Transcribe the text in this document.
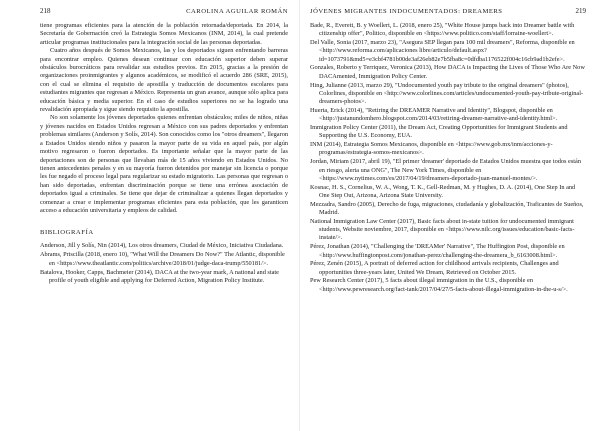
218	CAROLINA AGUILAR ROMÁN

tiene programas eficientes para la atención de la población retornada/deportada. En 2014, la Secretaría de Gobernación creó la Estrategia Somos Mexicanos (INM, 2014), la cual pretende articular programas institucionales para la integración social de las personas deportadas.

Cuatro años después de Somos Mexicanos, las y los deportados siguen enfrentando barreras para encontrar empleo. Quienes desean continuar con educación superior deben superar obstáculos burocráticos para revalidar sus estudios previos. En 2015, gracias a la presión de organizaciones proinmigrantes y algunos académicos, se modificó el acuerdo 286 (SRE, 2015), con el cual se elimina el requisito de apostilla y traducción de documentos escolares para estudiantes migrantes que regresan a México. Representa un gran avance, aunque sólo aplica para educación básica y media superior. En el caso de estudios superiores no se ha logrado una revalidación apropiada y sigue siendo requisito la apostilla.

No son solamente los jóvenes deportados quienes enfrentan obstáculos; miles de niños, niñas y jóvenes nacidos en Estados Unidos regresan a México con sus padres deportados y enfrentan problemas similares (Anderson y Solís, 2014). Son conocidos como los "otros dreamers", llegaron a Estados Unidos siendo niños y pasaron la mayor parte de su vida en aquel país, por algún motivo regresaron o fueron deportados. Es importante señalar que la mayor parte de las deportaciones son de personas que llevaban más de 15 años viviendo en Estados Unidos. No tienen antecedentes penales y en su mayoría fueron detenidos por manejar sin licencia o porque les fue negado el proceso legal para regularizar su estado migratorio. Las personas que regresan o han sido deportadas, enfrentan discriminación porque se tiene una errónea asociación de deportados igual a criminales. Se tiene que dejar de criminalizar a quienes llegan deportados y comenzar a crear e implementar programas eficientes para esta población, que les garanticen acceso a educación universitaria y empleos de calidad.

BIBLIOGRAFÍA
Anderson, Jill y Solís, Nin (2014), Los otros dreamers, Ciudad de México, Iniciativa Ciudadana.
Abrams, Priscilla (2018, enero 10), "What Will the Dreamers Do Now?" The Atlantic, disponible en <https://www.theatlantic.com/politics/archive/2018/01/judge-daca-trump/550181/>.
Batalova, Hooker, Capps, Bachmeier (2014), DACA at the two-year mark, A national and state profile of youth eligible and applying for Deferred Action, Migration Policy Institute.
JÓVENES MIGRANTES INDOCUMENTADOS: DREAMERS	219
Bade, R., Everett, B. y Woellert, L. (2018, enero 25), "White House jumps back into Dreamer battle with citizenship offer", Politico, disponible en <https://www.politico.com/staff/lorraine-woellert>.
Del Valle, Sonia (2017, marzo 23), "Asegura SEP llegan para 100 mil dreamers", Reforma, disponible en <http://www.reforma.com/aplicaciones libre/articulo/default.aspx?id=1073791&md5=e3cbf4781b00de3af26eb82e7b5fba8c=0dfdba1176522f004c16cb9ad1b2efe>.
Gonzales, Roberto y Terriquez, Veronica (2013), How DACA is Impacting the Lives of Those Who Are Now DACAmented, Immigration Policy Center.
Hing, Julianne (2013, marzo 29), "Undocumented youth pay tribute to the original dreamers" (photos), Colorlines, disponible en <http://www.colorlines.com/articles/undocumented-youth-pay-tribute-original-dreamers-photos>.
Huerta, Erick (2014), "Retiring the DREAMER Narrative and Identity", Blogspot, disponible en <http://justanundomhero.blogspot.com/2014/03/retiring-dreamer-narrative-and-identity.html>.
Immigration Policy Center (2011), the Dream Act, Creating Opportunities for Immigrant Students and Supporting the U.S. Economy, EUA.
INM (2014), Estrategia Somos Mexicanos, disponible en <https://www.gob.mx/inm/acciones-y-programas/estrategia-somos-mexicanos>.
Jordan, Miriam (2017, abril 19), "El primer 'dreamer' deportado de Estados Unidos muestra que todos están en riesgo, alerta una ONG", The New York Times, disponible en <https://www.nytimes.com/es/2017/04/19/dreamers-deportado-juan-manuel-montes/>.
Kosnac, H. S., Cornelius, W. A., Wong, T. K., Gell-Redman, M. y Hughes, D. A. (2014), One Step In and One Step Out, Arizona, Arizona State University.
Mezzadra, Sandro (2005), Derecho de fuga, migraciones, ciudadanía y globalización, Traficantes de Sueños, Madrid.
National Immigration Law Center (2017), Basic facts about in-state tuition for undocumented immigrant students, Website noviembre, 2017, disponible en <https://www.nilc.org/issues/education/basic-facts-instate/>.
Pérez, Jonathan (2014), "Challenging the 'DREAMer' Narrative", The Huffington Post, disponible en <http://www.huffingtonpost.com/jonathan-perez/challenging-the-dreamera_b_6163008.html>.
Pérez, Zenén (2015), A portrait of deferred action for childhood arrivals recipients, Challenges and opportunities three-years later, United We Dream, Retrieved on October 2015.
Pew Research Center (2017), 5 facts about illegal immigration in the U.S., disponible en <http://www.pewresearch.org/fact-tank/2017/04/27/5-facts-about-illegal-immigration-in-the-u-s/>.
